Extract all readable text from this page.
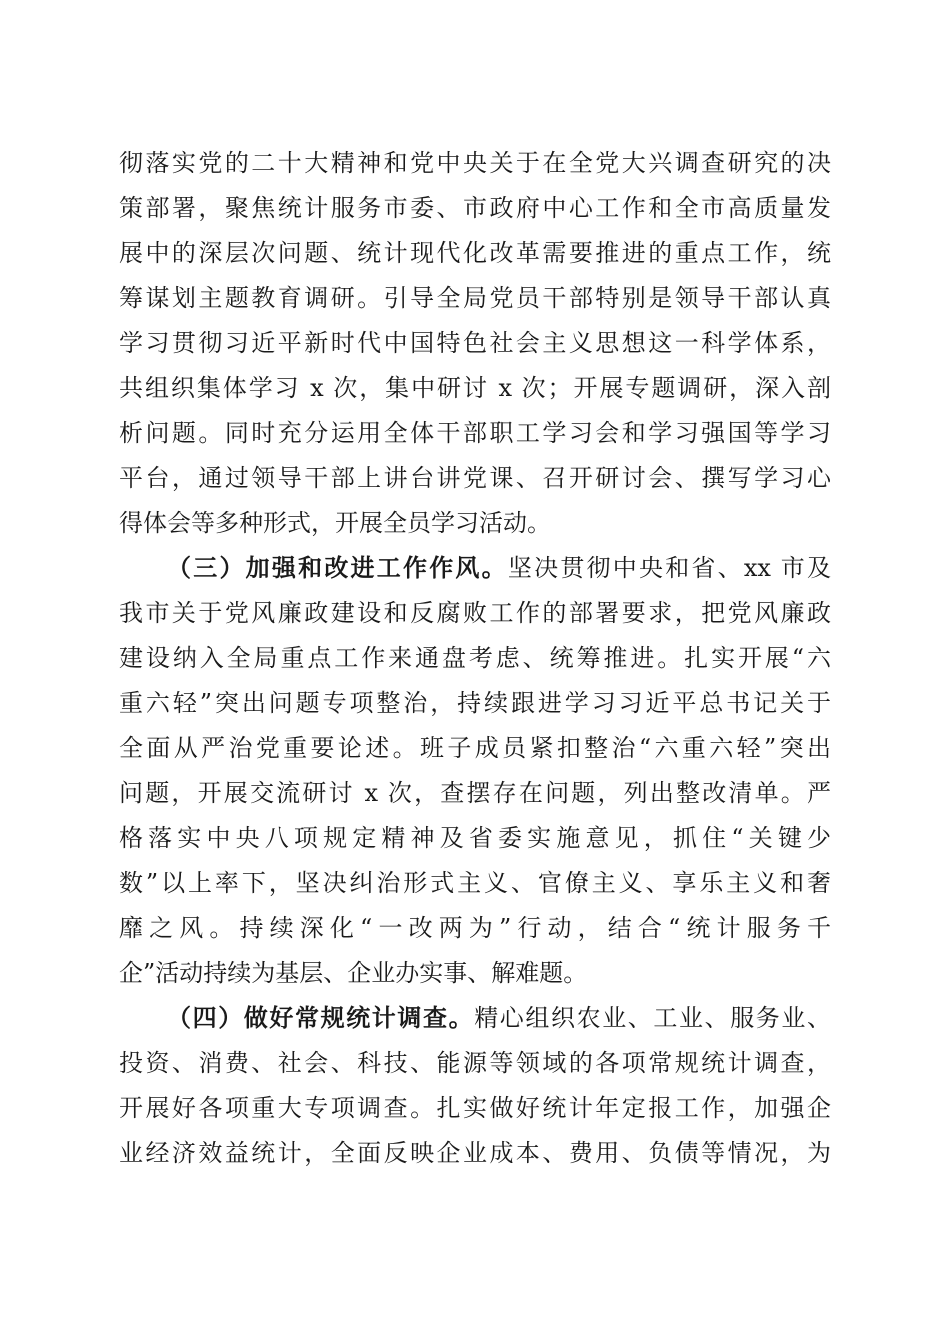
彻落实党的二十大精神和党中央关于在全党大兴调查研究的决
策部署，聚焦统计服务市委、市政府中心工作和全市高质量发
展中的深层次问题、统计现代化改革需要推进的重点工作，统
筹谋划主题教育调研。引导全局党员干部特别是领导干部认真
学习贯彻习近平新时代中国特色社会主义思想这一科学体系，
共组织集体学习 x 次，集中研讨 x 次；开展专题调研，深入剖
析问题。同时充分运用全体干部职工学习会和学习强国等学习
平台，通过领导干部上讲台讲党课、召开研讨会、撰写学习心
得体会等多种形式，开展全员学习活动。
（三）加强和改进工作作风。坚决贯彻中央和省、xx 市及
我市关于党风廉政建设和反腐败工作的部署要求，把党风廉政
建设纳入全局重点工作来通盘考虑、统筹推进。扎实开展“六
重六轻”突出问题专项整治，持续跟进学习习近平总书记关于
全面从严治党重要论述。班子成员紧扣整治“六重六轻”突出
问题，开展交流研讨 x 次，查摆存在问题，列出整改清单。严
格落实中央八项规定精神及省委实施意见，抓住“关键少
数”以上率下，坚决纠治形式主义、官僚主义、享乐主义和奢
靡之风。持续深化“一改两为”行动，结合“统计服务千
企”活动持续为基层、企业办实事、解难题。
（四）做好常规统计调查。精心组织农业、工业、服务业、
投资、消费、社会、科技、能源等领域的各项常规统计调查，
开展好各项重大专项调查。扎实做好统计年定报工作，加强企
业经济效益统计，全面反映企业成本、费用、负债等情况，为
